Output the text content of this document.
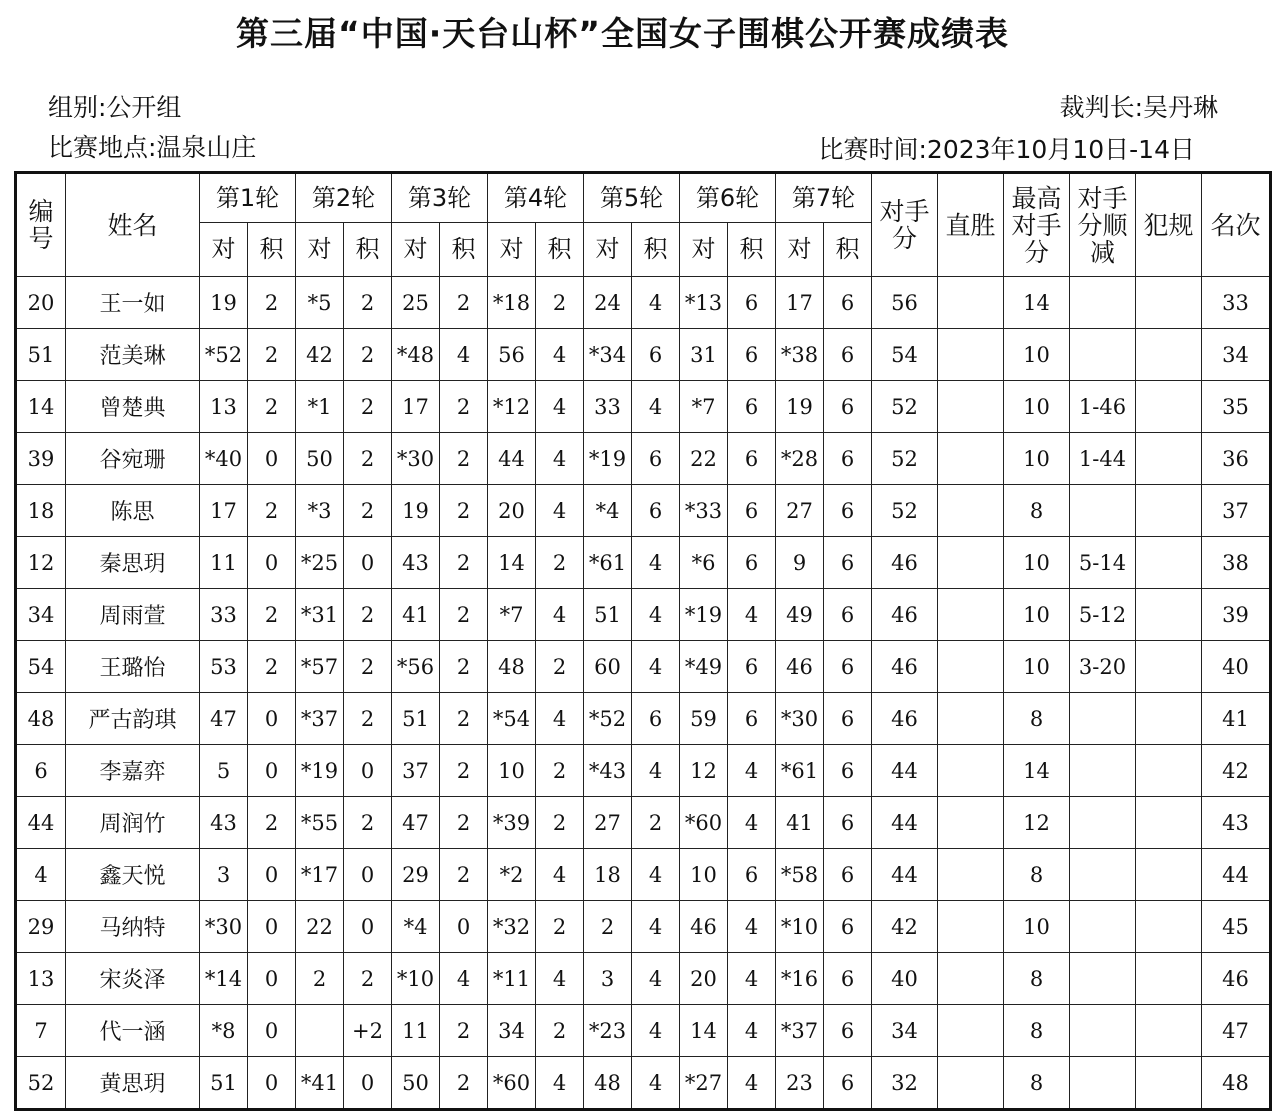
第三届“中国·天台山杯”全国女子围棋公开赛成绩表
组别:公开组
比赛地点:温泉山庄
裁判长:吴丹琳
比赛时间:2023年10月10日-14日
编号	姓名	第1轮		第2轮		第3轮		第4轮		第5轮		第6轮		第7轮		对手分	直胜	最高对手分	对手分顺减	犯规	名次
		对	积	对	积	对	积	对	积	对	积	对	积	对	积						
20	王一如	19	2	*5	2	25	2	*18	2	24	4	*13	6	17	6	56		14			33
51	范美琳	*52	2	42	2	*48	4	56	4	*34	6	31	6	*38	6	54		10			34
14	曾楚典	13	2	*1	2	17	2	*12	4	33	4	*7	6	19	6	52		10	1-46		35
39	谷宛珊	*40	0	50	2	*30	2	44	4	*19	6	22	6	*28	6	52		10	1-44		36
18	陈思	17	2	*3	2	19	2	20	4	*4	6	*33	6	27	6	52		8			37
12	秦思玥	11	0	*25	0	43	2	14	2	*61	4	*6	6	9	6	46		10	5-14		38
34	周雨萱	33	2	*31	2	41	2	*7	4	51	4	*19	4	49	6	46		10	5-12		39
54	王璐怡	53	2	*57	2	*56	2	48	2	60	4	*49	6	46	6	46		10	3-20		40
48	严古韵琪	47	0	*37	2	51	2	*54	4	*52	6	59	6	*30	6	46		8			41
6	李嘉弈	5	0	*19	0	37	2	10	2	*43	4	12	4	*61	6	44		14			42
44	周润竹	43	2	*55	2	47	2	*39	2	27	2	*60	4	41	6	44		12			43
4	鑫天悦	3	0	*17	0	29	2	*2	4	18	4	10	6	*58	6	44		8			44
29	马纳特	*30	0	22	0	*4	0	*32	2	2	4	46	4	*10	6	42		10			45
13	宋炎泽	*14	0	2	2	*10	4	*11	4	3	4	20	4	*16	6	40		8			46
7	代一涵	*8	0		+2	11	2	34	2	*23	4	14	4	*37	6	34		8			47
52	黄思玥	51	0	*41	0	50	2	*60	4	48	4	*27	4	23	6	32		8			48
